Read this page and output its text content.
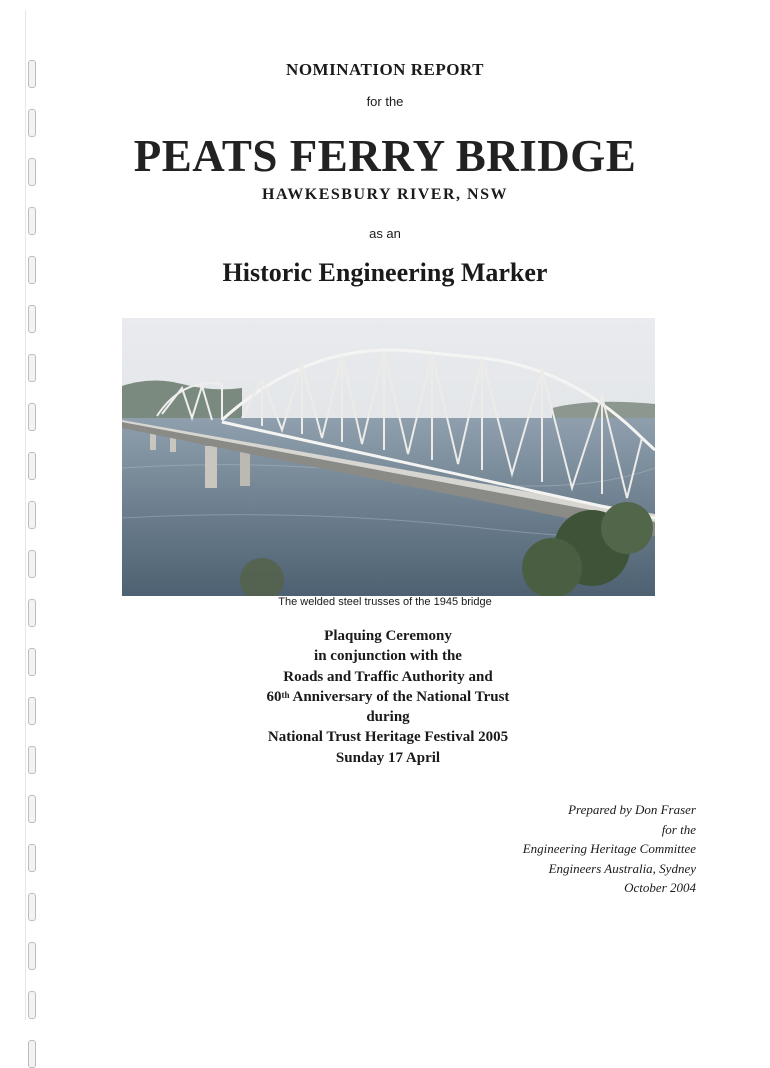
NOMINATION REPORT
for the
PEATS FERRY BRIDGE
HAWKESBURY RIVER, NSW
as an
Historic Engineering Marker
The welded steel trusses of the 1945 bridge
Plaquing Ceremony
in conjunction with the
Roads and Traffic Authority and
60th Anniversary of the National Trust
during
National Trust Heritage Festival 2005
Sunday 17 April
Prepared by Don Fraser
for the
Engineering Heritage Committee
Engineers Australia, Sydney
October 2004
